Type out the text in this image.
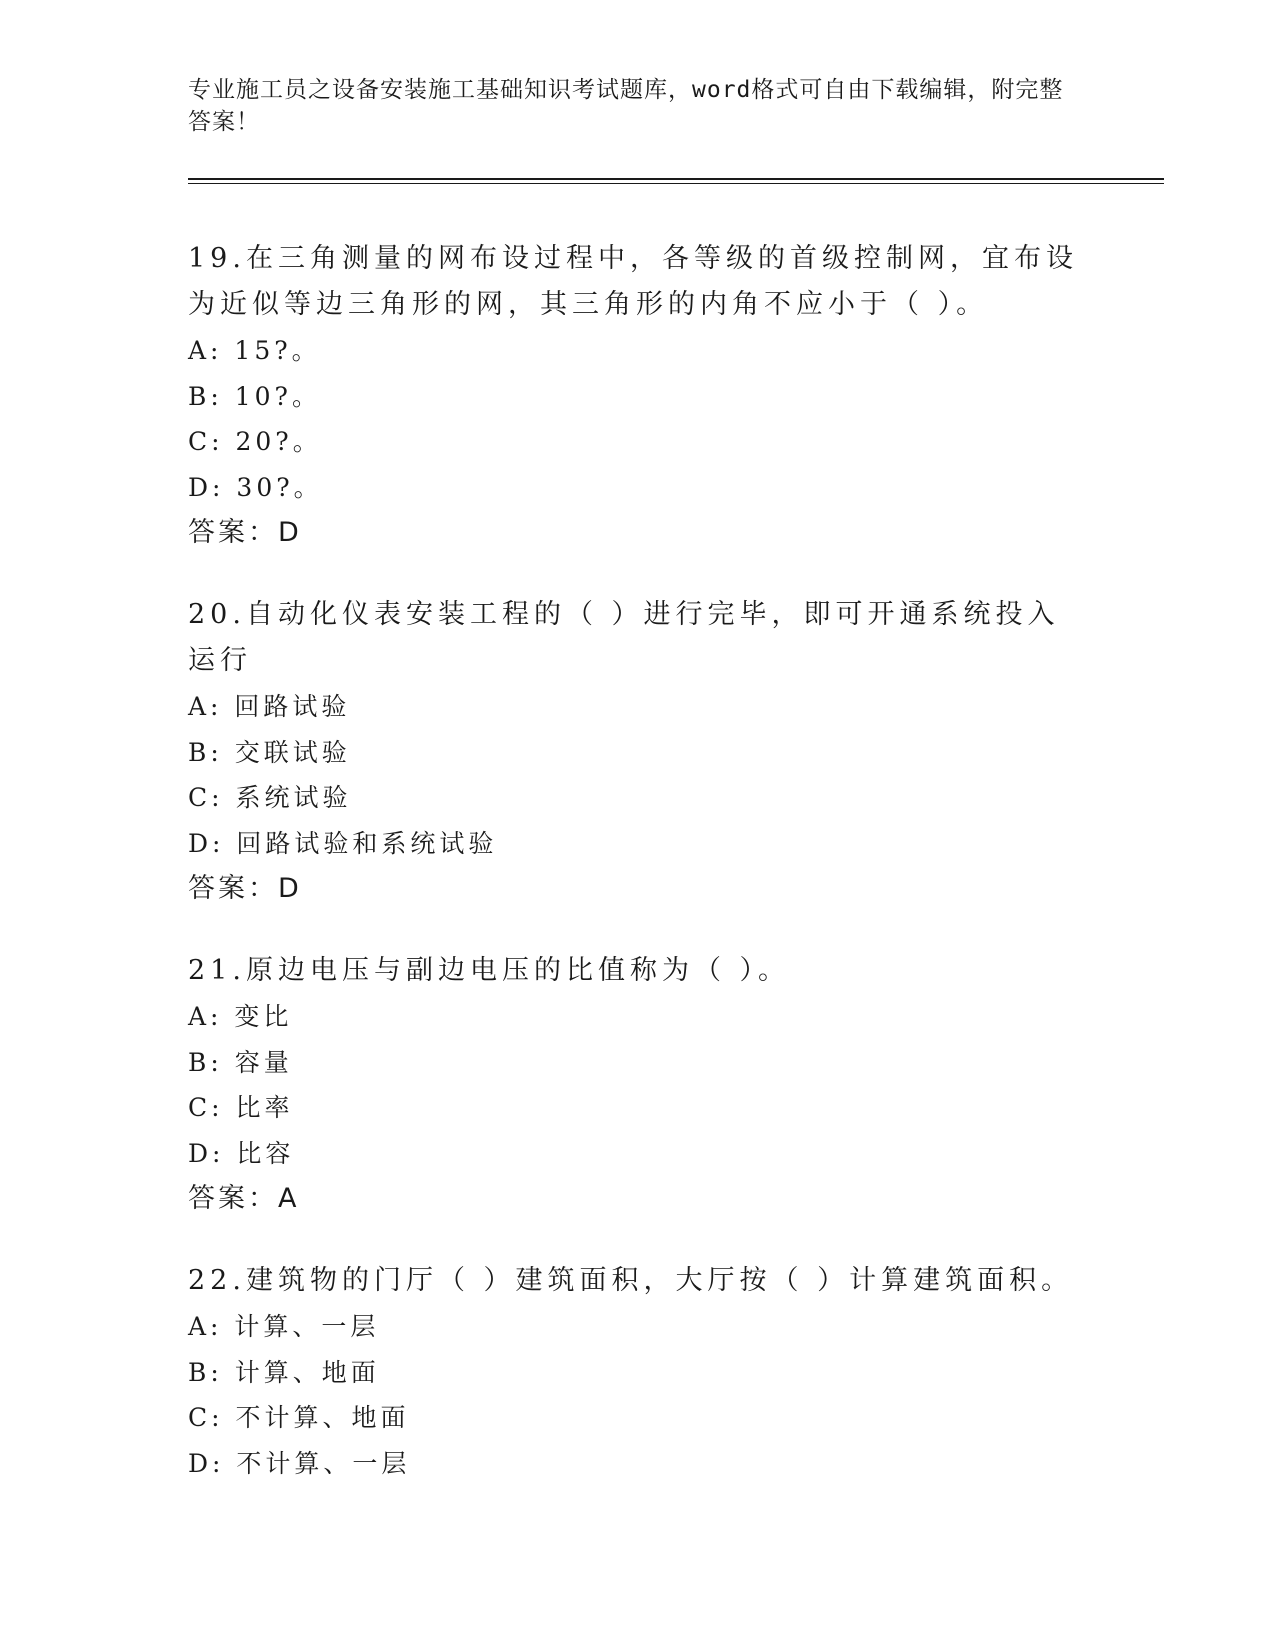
专业施工员之设备安装施工基础知识考试题库，word格式可自由下载编辑，附完整答案！

19.在三角测量的网布设过程中，各等级的首级控制网，宜布设为近似等边三角形的网，其三角形的内角不应小于（ ）。

A: 15?。

B: 10?。

C: 20?。

D: 30?。

答案：D

20.自动化仪表安装工程的（ ）进行完毕，即可开通系统投入运行

A: 回路试验

B: 交联试验

C: 系统试验

D: 回路试验和系统试验

答案：D

21.原边电压与副边电压的比值称为（ ）。

A: 变比

B: 容量

C: 比率

D: 比容

答案：A

22.建筑物的门厅（ ）建筑面积，大厅按（ ）计算建筑面积。

A: 计算、一层

B: 计算、地面

C: 不计算、地面

D: 不计算、一层
